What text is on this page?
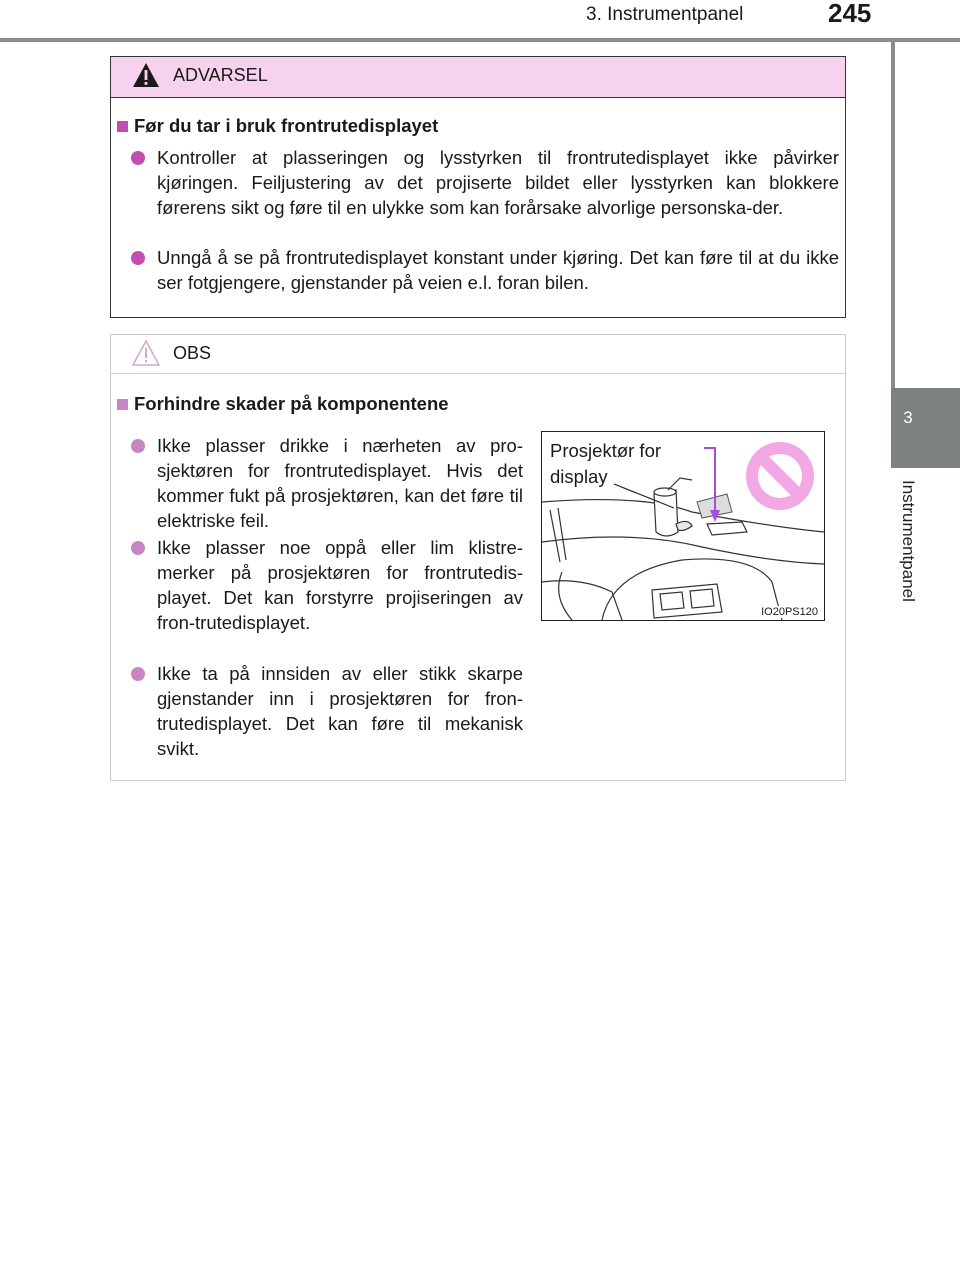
3. Instrumentpanel	245
3
Instrumentpanel
ADVARSEL
Før du tar i bruk frontrutedisplayet
Kontroller at plasseringen og lysstyrken til frontrutedisplayet ikke påvirker kjøringen. Feiljustering av det projiserte bildet eller lysstyrken kan blokkere førerens sikt og føre til en ulykke som kan forårsake alvorlige personska-der.
Unngå å se på frontrutedisplayet konstant under kjøring. Det kan føre til at du ikke ser fotgjengere, gjenstander på veien e.l. foran bilen.
OBS
Forhindre skader på komponentene
Ikke plasser drikke i nærheten av pro-sjektøren for frontrutedisplayet. Hvis det kommer fukt på prosjektøren, kan det føre til elektriske feil.
Ikke plasser noe oppå eller lim klistre-merker på prosjektøren for frontrutedis-playet. Det kan forstyrre projiseringen av fron-trutedisplayet.
Ikke ta på innsiden av eller stikk skarpe gjenstander inn i prosjektøren for fron-trutedisplayet. Det kan føre til mekanisk svikt.
Prosjektør for display
IO20PS120
